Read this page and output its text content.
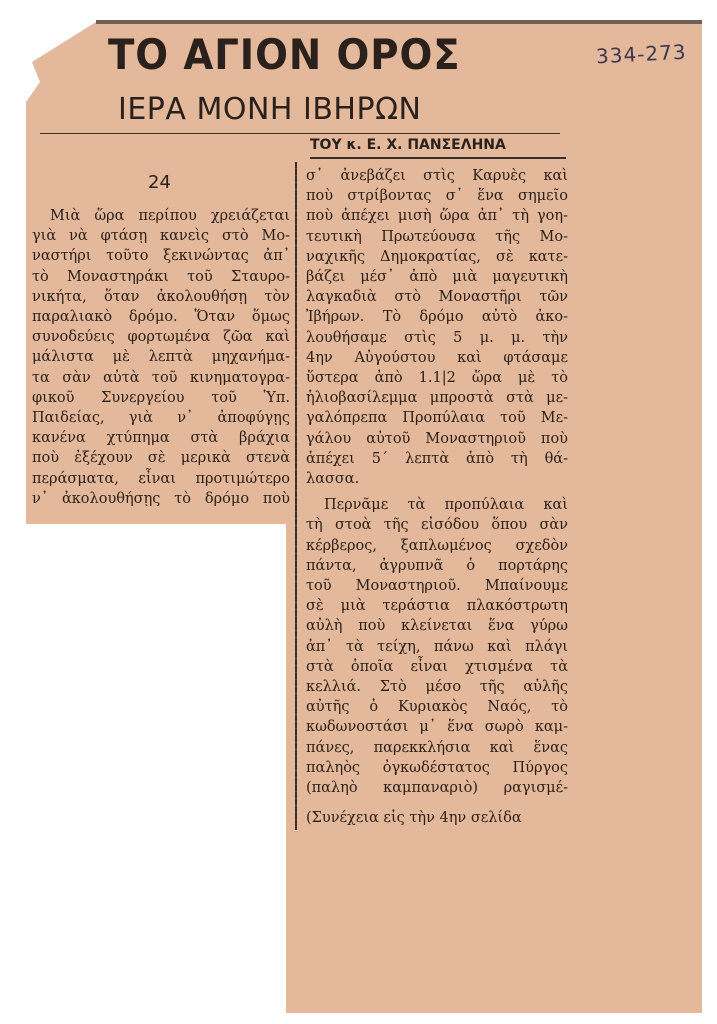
334-273
ΤΟ ΑΓΙΟΝ ΟΡΟΣ
ΙΕΡΑ ΜΟΝΗ ΙΒΗΡΩΝ
ΤΟΥ κ. Ε. Χ. ΠΑΝΣΕΛΗΝΑ
24
Μιὰ ὥρα περίπου χρειάζεται
γιὰ νὰ φτάσῃ κανεὶς στὸ Μο-
ναστήρι τοῦτο ξεκινώντας ἀπ᾿
τὸ Μοναστηράκι τοῦ Σταυρο-
νικήτα, ὅταν ἀκολουθήσῃ τὸν
παραλιακὸ δρόμο. Ὅταν ὅμως
συνοδεύεις φορτωμένα ζῶα καὶ
μάλιστα μὲ λεπτὰ μηχανήμα-
τα σὰν αὐτὰ τοῦ κινηματογρα-
φικοῦ Συνεργείου τοῦ Ὑπ.
Παιδείας, γιὰ ν᾿ ἀποφύγῃς
κανένα χτύπημα στὰ βράχια
ποὺ ἐξέχουν σὲ μερικὰ στενὰ
περάσματα, εἶναι προτιμώτερο
ν᾿ ἀκολουθήσῃς τὸ δρόμο ποὺ
σ᾿ ἀνεβάζει στὶς Καρυὲς καὶ
ποὺ στρίβοντας σ᾿ ἕνα σημεῖο
ποὺ ἀπέχει μισὴ ὥρα ἀπ᾿ τὴ γοη-
τευτικὴ Πρωτεύουσα τῆς Μο-
ναχικῆς Δημοκρατίας, σὲ κατε-
βάζει μέσ᾿ ἀπὸ μιὰ μαγευτικὴ
λαγκαδιὰ στὸ Μοναστῆρι τῶν
Ἰβήρων. Τὸ δρόμο αὐτὸ ἀκο-
λουθήσαμε στὶς 5 μ. μ. τὴν
4ην Αὐγούστου καὶ φτάσαμε
ὕστερα ἀπὸ 1.1|2 ὥρα μὲ τὸ
ἡλιοβασίλεμμα μπροστὰ στὰ με-
γαλόπρεπα Προπύλαια τοῦ Με-
γάλου αὐτοῦ Μοναστηριοῦ ποὺ
ἀπέχει 5΄ λεπτὰ ἀπὸ τὴ θά-
λασσα.
Περνᾶμε τὰ προπύλαια καὶ
τὴ στοὰ τῆς εἰσόδου ὅπου σὰν
κέρβερος, ξαπλωμένος σχεδὸν
πάντα, ἀγρυπνᾶ ὁ πορτάρης
τοῦ Μοναστηριοῦ. Μπαίνουμε
σὲ μιὰ τεράστια πλακόστρωτη
αὐλὴ ποὺ κλείνεται ἕνα γύρω
ἀπ᾿ τὰ τείχη, πάνω καὶ πλάγι
στὰ ὁποῖα εἶναι χτισμένα τὰ
κελλιά. Στὸ μέσο τῆς αὐλῆς
αὐτῆς ὁ Κυριακὸς Ναός, τὸ
κωδωνοστάσι μ᾿ ἕνα σωρὸ καμ-
πάνες, παρεκκλήσια καὶ ἕνας
παληὸς ὀγκωδέστατος Πύργος
(παληὸ καμπαναριὸ) ραγισμέ-
(Συνέχεια εἰς τὴν 4ην σελίδα
